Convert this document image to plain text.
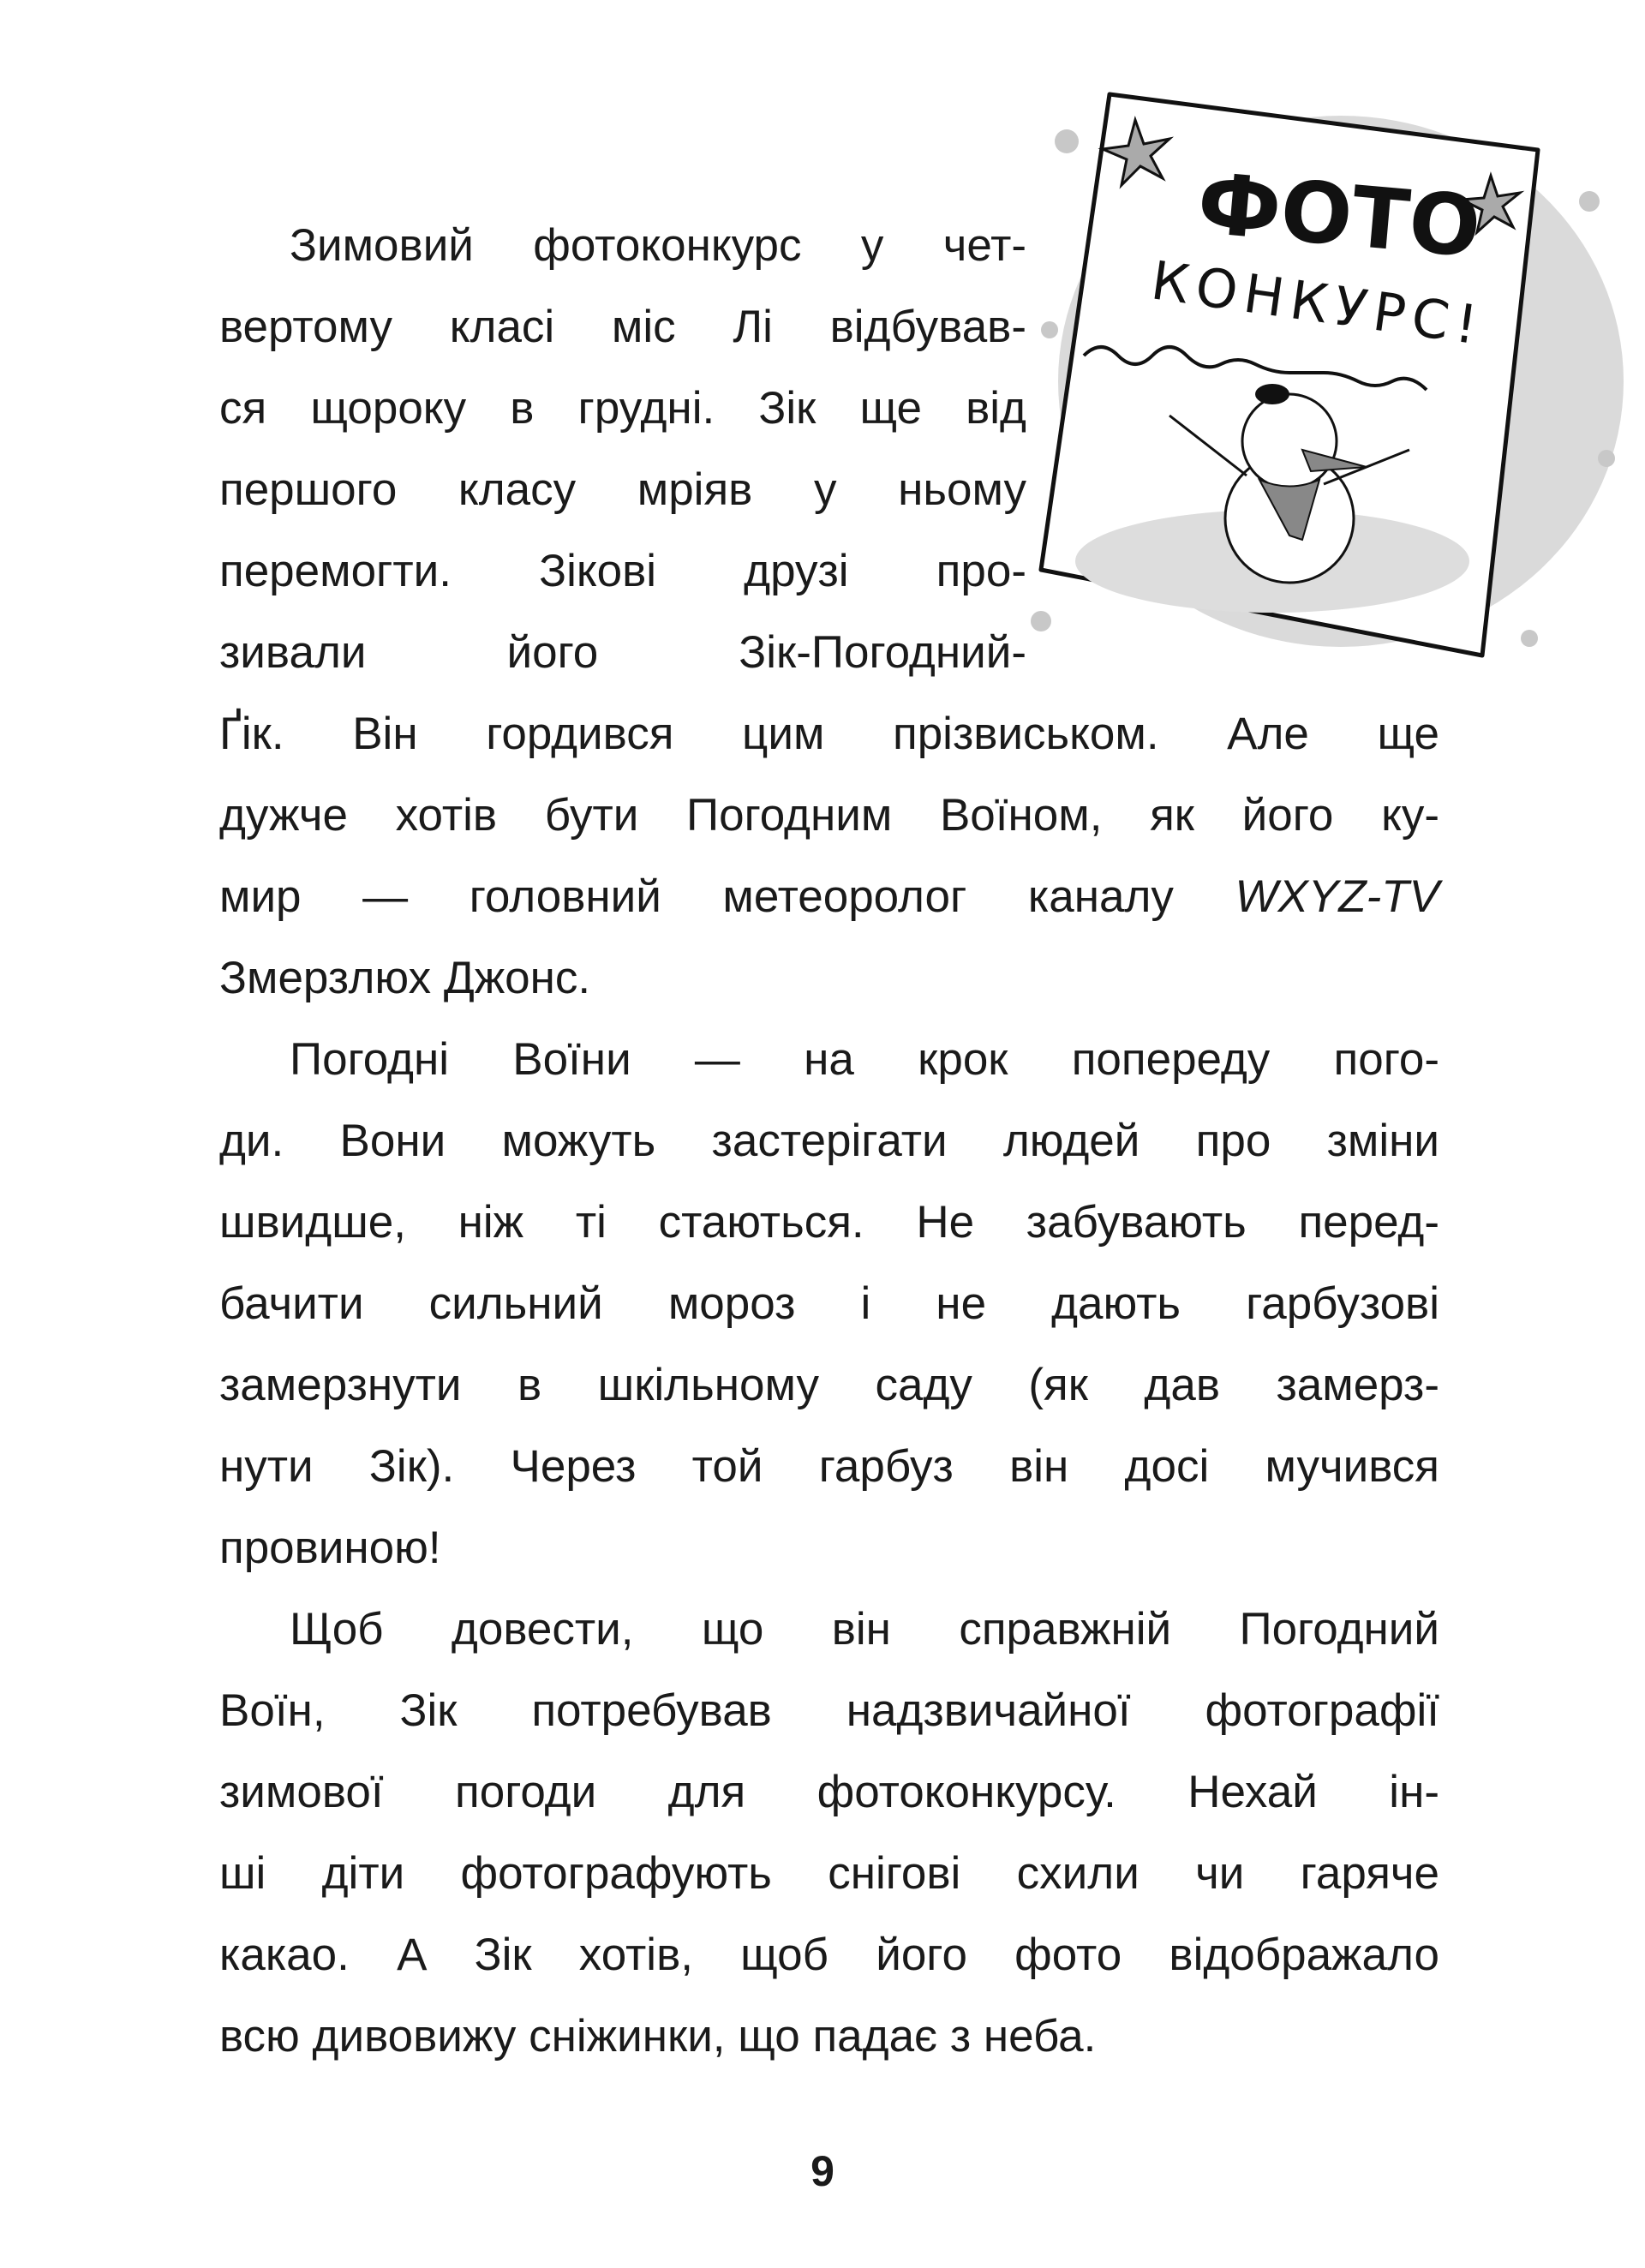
ФОТО
КОНКУРС!
Зимовий фотоконкурс у чет-
вертому класі міс Лі відбував-
ся щороку в грудні. Зік ще від
першого класу мріяв у ньому
перемогти. Зікові друзі про-
зивали його Зік-Погодний-
Ґік. Він гордився цим прізвиськом. Але ще
дужче хотів бути Погодним Воїном, як його ку-
мир — головний метеоролог каналу WXYZ-TV
Змерзлюх Джонс.
Погодні Воїни — на крок попереду пого-
ди. Вони можуть застерігати людей про зміни
швидше, ніж ті стаються. Не забувають перед-
бачити сильний мороз і не дають гарбузові
замерзнути в шкільному саду (як дав замерз-
нути Зік). Через той гарбуз він досі мучився
провиною!
Щоб довести, що він справжній Погодний
Воїн, Зік потребував надзвичайної фотографії
зимової погоди для фотоконкурсу. Нехай ін-
ші діти фотографують снігові схили чи гаряче
какао. А Зік хотів, щоб його фото відображало
всю дивовижу сніжинки, що падає з неба.
9
